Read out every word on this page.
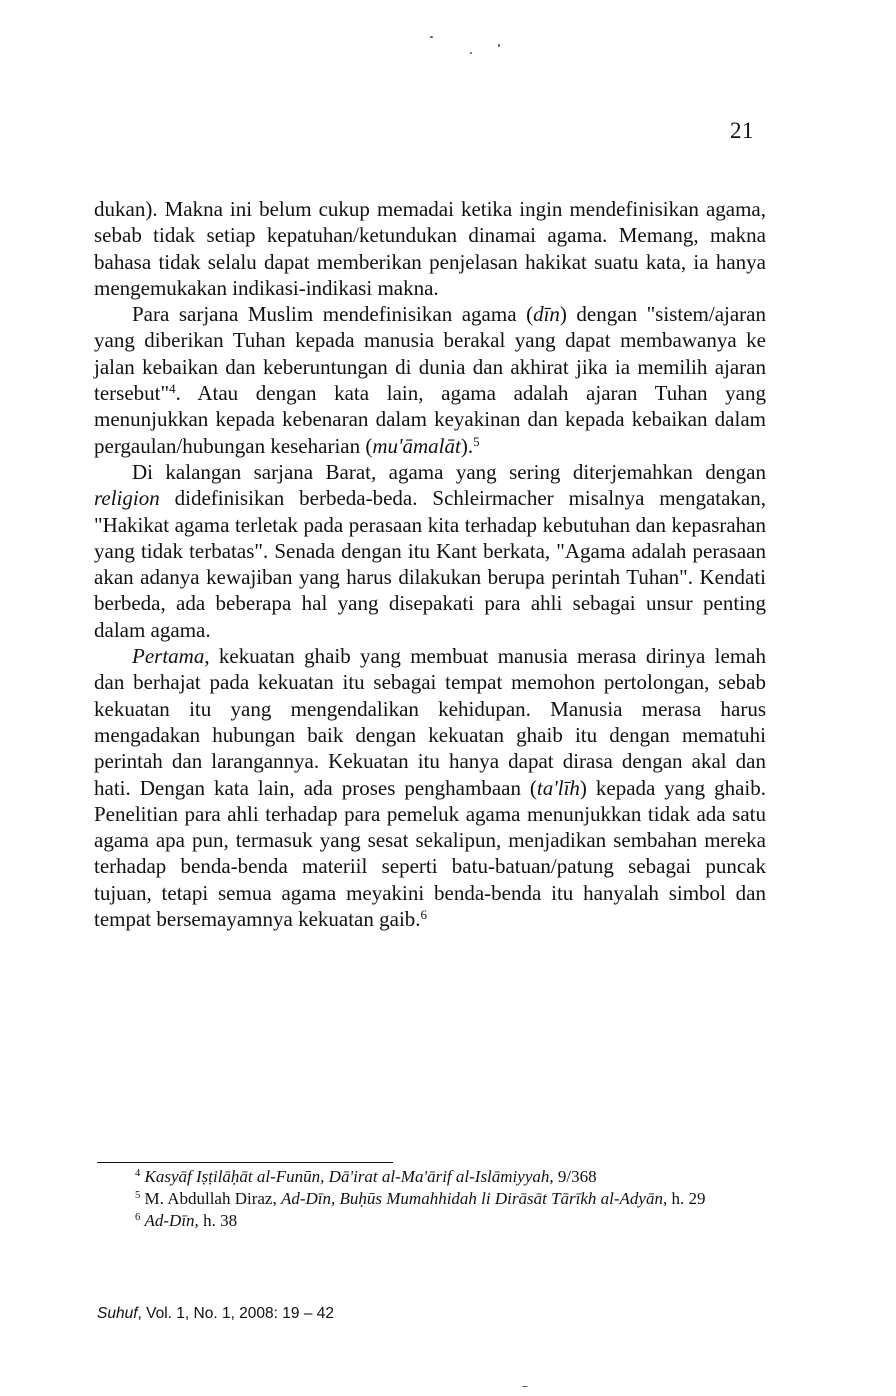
21

dukan). Makna ini belum cukup memadai ketika ingin mendefinisikan agama, sebab tidak setiap kepatuhan/ketundukan dinamai agama. Memang, makna bahasa tidak selalu dapat memberikan penjelasan hakikat suatu kata, ia hanya mengemukakan indikasi-indikasi makna.

Para sarjana Muslim mendefinisikan agama (dīn) dengan "sistem/ajaran yang diberikan Tuhan kepada manusia berakal yang dapat membawanya ke jalan kebaikan dan keberuntungan di dunia dan akhirat jika ia memilih ajaran tersebut"$^4$. Atau dengan kata lain, agama adalah ajaran Tuhan yang menunjukkan kepada kebenaran dalam keyakinan dan kepada kebaikan dalam pergaulan/hubungan keseharian (mu'āmalāt).$^5$

Di kalangan sarjana Barat, agama yang sering diterjemahkan dengan religion didefinisikan berbeda-beda. Schleirmacher misalnya mengatakan, "Hakikat agama terletak pada perasaan kita terhadap kebutuhan dan kepasrahan yang tidak terbatas". Senada dengan itu Kant berkata, "Agama adalah perasaan akan adanya kewajiban yang harus dilakukan berupa perintah Tuhan". Kendati berbeda, ada beberapa hal yang disepakati para ahli sebagai unsur penting dalam agama.

Pertama, kekuatan ghaib yang membuat manusia merasa dirinya lemah dan berhajat pada kekuatan itu sebagai tempat memohon pertolongan, sebab kekuatan itu yang mengendalikan kehidupan. Manusia merasa harus mengadakan hubungan baik dengan kekuatan ghaib itu dengan mematuhi perintah dan larangannya. Kekuatan itu hanya dapat dirasa dengan akal dan hati. Dengan kata lain, ada proses penghambaan (ta'līh) kepada yang ghaib. Penelitian para ahli terhadap para pemeluk agama menunjukkan tidak ada satu agama apa pun, termasuk yang sesat sekalipun, menjadikan sembahan mereka terhadap benda-benda materiil seperti batu-batuan/patung sebagai puncak tujuan, tetapi semua agama meyakini benda-benda itu hanyalah simbol dan tempat bersemayamnya kekuatan gaib.$^6$

$^4$ Kasyāf Iṣṭilāḥāt al-Funūn, Dā'irat al-Ma'ārif al-Islāmiyyah, 9/368

$^5$ M. Abdullah Diraz, Ad-Dīn, Buḥūs Mumahhidah li Dirāsāt Tārīkh al-Adyān, h. 29

$^6$ Ad-Dīn, h. 38

Suhuf, Vol. 1, No. 1, 2008: 19 – 42
